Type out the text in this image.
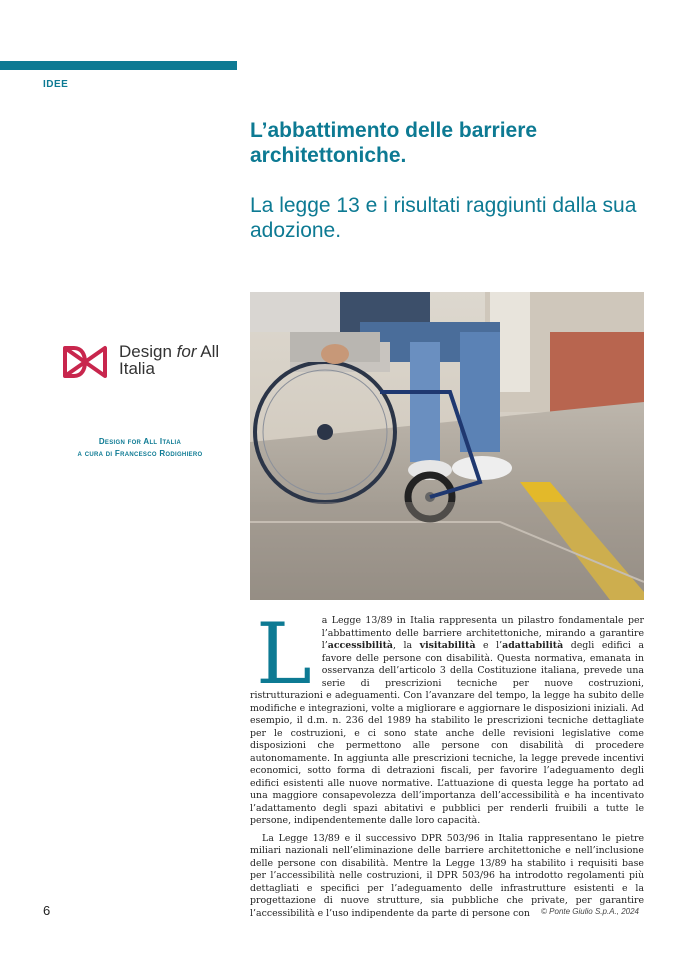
IDEE
L’abbattimento delle barriere architettoniche.
La legge 13 e i risultati raggiunti dalla sua adozione.
Design for All
Italia
Design for All Italia
a cura di Francesco Rodighiero

L a Legge 13/89 in Italia rappresenta un pilastro fondamentale per l’abbattimento delle barriere architettoniche, mirando a garantire l’accessibilità, la visitabilità e l’adattabilità degli edifici a favore delle persone con disabilità. Questa normativa, emanata in osservanza dell’articolo 3 della Costituzione italiana, prevede una serie di prescrizioni tecniche per nuove costruzioni, ristrutturazioni e adeguamenti. Con l’avanzare del tempo, la legge ha subito delle modifiche e integrazioni, volte a migliorare e aggiornare le disposizioni iniziali. Ad esempio, il d.m. n. 236 del 1989 ha stabilito le prescrizioni tecniche dettagliate per le costruzioni, e ci sono state anche delle revisioni legislative come disposizioni che permettono alle persone con disabilità di procedere autonomamente. In aggiunta alle prescrizioni tecniche, la legge prevede incentivi economici, sotto forma di detrazioni fiscali, per favorire l’adeguamento degli edifici esistenti alle nuove normative. L’attuazione di questa legge ha portato ad una maggiore consapevolezza dell’importanza dell’accessibilità e ha incentivato l’adattamento degli spazi abitativi e pubblici per renderli fruibili a tutte le persone, indipendentemente dalle loro capacità.

La Legge 13/89 e il successivo DPR 503/96 in Italia rappresentano le pietre miliari nazionali nell’eliminazione delle barriere architettoniche e nell’inclusione delle persone con disabilità. Mentre la Legge 13/89 ha stabilito i requisiti base per l’accessibilità nelle costruzioni, il DPR 503/96 ha introdotto regolamenti più dettagliati e specifici per l’adeguamento delle infrastrutture esistenti e la progettazione di nuove strutture, sia pubbliche che private, per garantire l’accessibilità e l’uso indipendente da parte di persone con

6	© Ponte Giulio S.p.A., 2024
